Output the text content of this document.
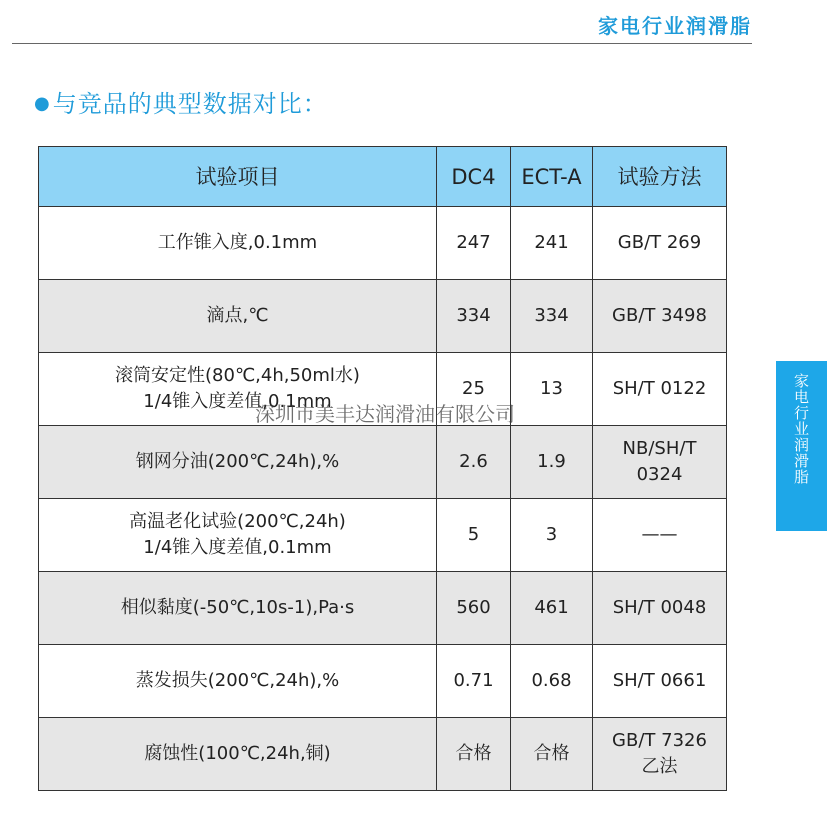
家电行业润滑脂
●与竞品的典型数据对比：
家电行业润滑脂
试验项目	DC4	ECT-A	试验方法

工作锥入度,0.1mm	247	241	GB/T 269

滴点,℃	334	334	GB/T 3498

滚筒安定性(80℃,4h,50ml水)
1/4锥入度差值,0.1mm	25	13	SH/T 0122

钢网分油(200℃,24h),%	2.6	1.9	NB/SH/T
0324

高温老化试验(200℃,24h)
1/4锥入度差值,0.1mm	5	3	——

相似黏度(-50℃,10s-1),Pa·s	560	461	SH/T 0048

蒸发损失(200℃,24h),%	0.71	0.68	SH/T 0661

腐蚀性(100℃,24h,铜)	合格	合格	GB/T 7326
乙法
深圳市美丰达润滑油有限公司
